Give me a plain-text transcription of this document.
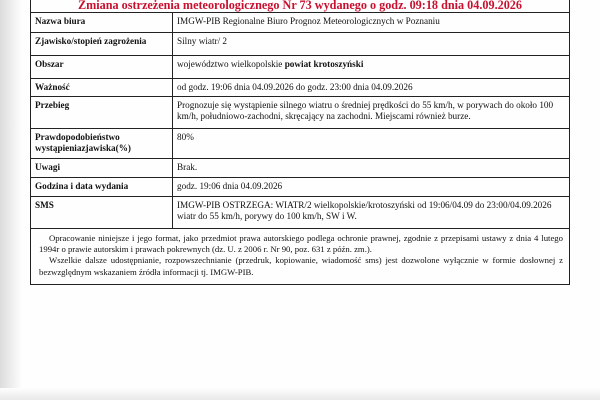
Zmiana ostrzeżenia meteorologicznego Nr 73 wydanego o godz. 09:18 dnia 04.09.2026
Nazwa biura	IMGW-PIB Regionalne Biuro Prognoz Meteorologicznych w Poznaniu
Zjawisko/stopień zagrożenia	Silny wiatr/ 2
Obszar	województwo wielkopolskie powiat krotoszyński
Ważność	od godz. 19:06 dnia 04.09.2026 do godz. 23:00 dnia 04.09.2026
Przebieg	Prognozuje się wystąpienie silnego wiatru o średniej prędkości do 55 km/h, w porywach do około 100 km/h, południowo-zachodni, skręcający na zachodni. Miejscami również burze.
Prawdopodobieństwo wystąpieniazjawiska(%)	80%
Uwagi	Brak.
Godzina i data wydania	godz. 19:06 dnia 04.09.2026
SMS	IMGW-PIB OSTRZEGA: WIATR/2 wielkopolskie/krotoszyński od 19:06/04.09 do 23:00/04.09.2026 wiatr do 55 km/h, porywy do 100 km/h, SW i W.

Opracowanie niniejsze i jego format, jako przedmiot prawa autorskiego podlega ochronie prawnej, zgodnie z przepisami ustawy z dnia 4 lutego 1994r o prawie autorskim i prawach pokrewnych (dz. U. z 2006 r. Nr 90, poz. 631 z późn. zm.).

Wszelkie dalsze udostępnianie, rozpowszechnianie (przedruk, kopiowanie, wiadomość sms) jest dozwolone wyłącznie w formie dosłownej z bezwzględnym wskazaniem źródła informacji tj. IMGW-PIB.
